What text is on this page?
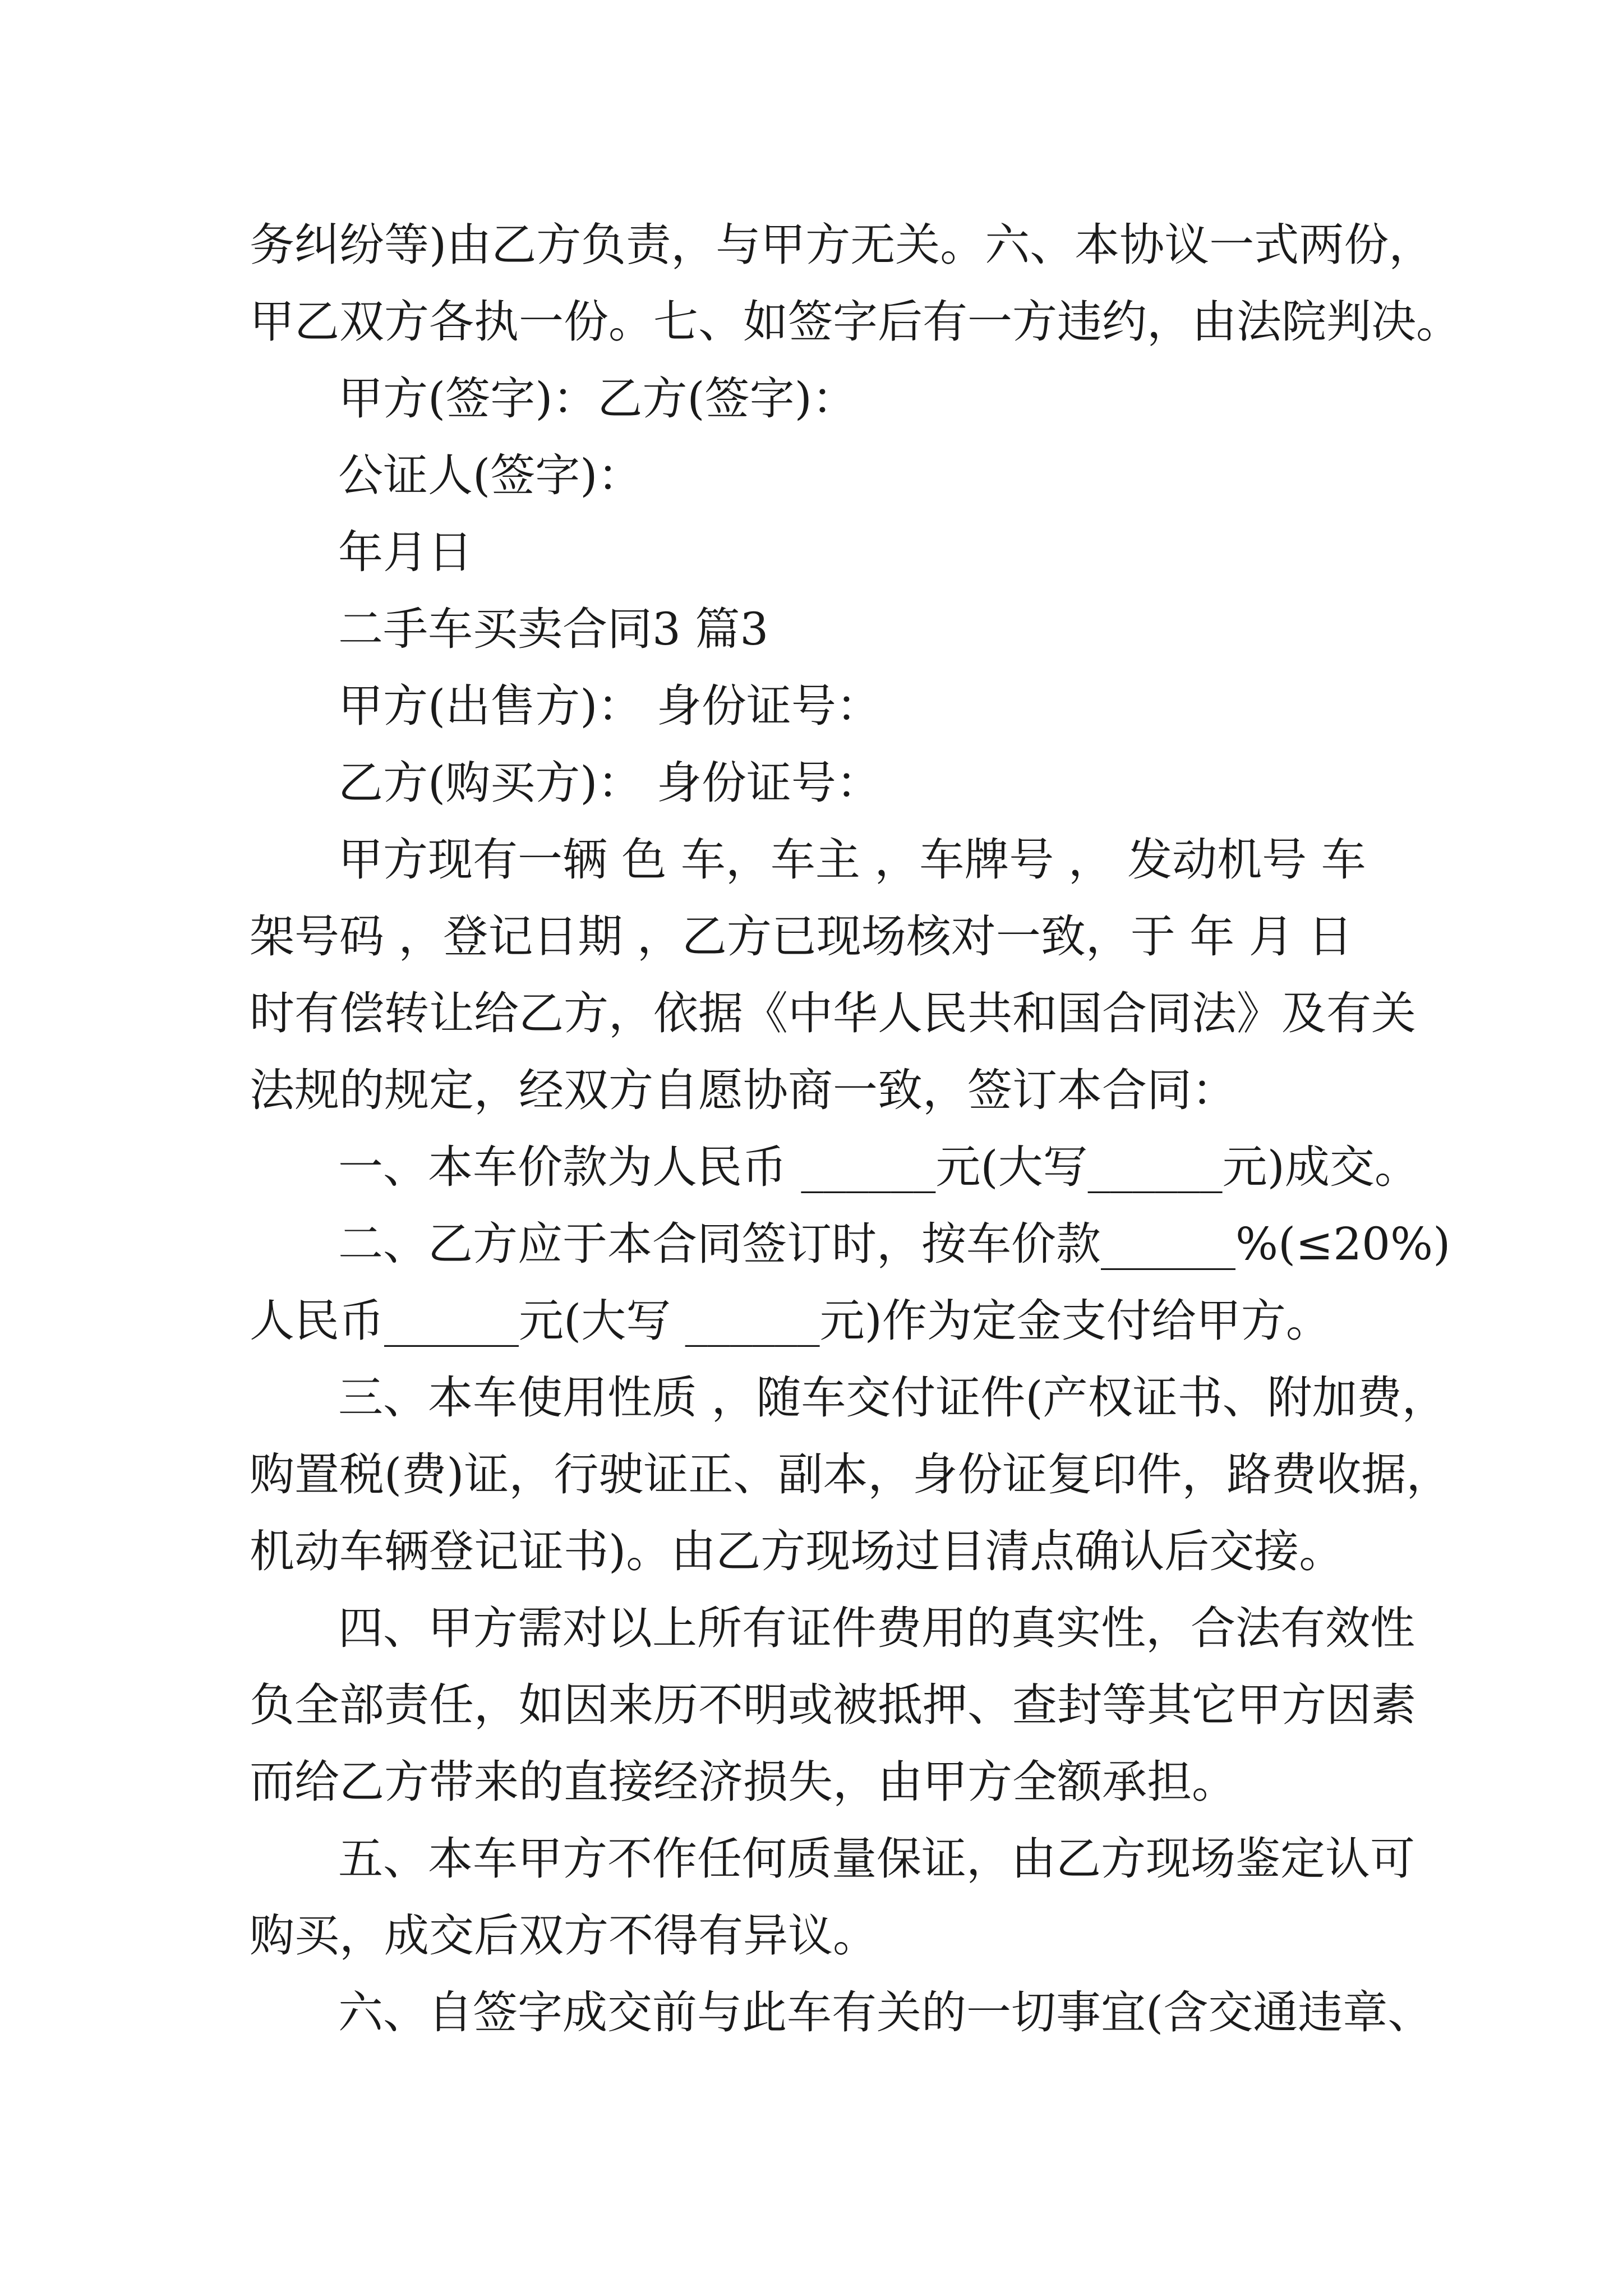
务纠纷等)由乙方负责，与甲方无关。六、本协议一式两份，

甲乙双方各执一份。七、如签字后有一方违约，由法院判决。

甲方(签字)：乙方(签字)：

公证人(签字)：

年月日

二手车买卖合同3 篇3

甲方(出售方)： 身份证号：

乙方(购买方)： 身份证号：

甲方现有一辆 色 车，车主 ，车牌号 ， 发动机号 车

架号码 ，登记日期 ，乙方已现场核对一致，于 年 月 日

时有偿转让给乙方，依据《中华人民共和国合同法》及有关

法规的规定，经双方自愿协商一致，签订本合同：

一、本车价款为人民币 ______元(大写______元)成交。

二、乙方应于本合同签订时，按车价款______%(≤20%)

人民币______元(大写 ______元)作为定金支付给甲方。

三、本车使用性质 ，随车交付证件(产权证书、附加费，

购置税(费)证，行驶证正、副本，身份证复印件，路费收据，

机动车辆登记证书)。由乙方现场过目清点确认后交接。

四、甲方需对以上所有证件费用的真实性，合法有效性

负全部责任，如因来历不明或被抵押、查封等其它甲方因素

而给乙方带来的直接经济损失，由甲方全额承担。

五、本车甲方不作任何质量保证，由乙方现场鉴定认可

购买，成交后双方不得有异议。

六、自签字成交前与此车有关的一切事宜(含交通违章、
